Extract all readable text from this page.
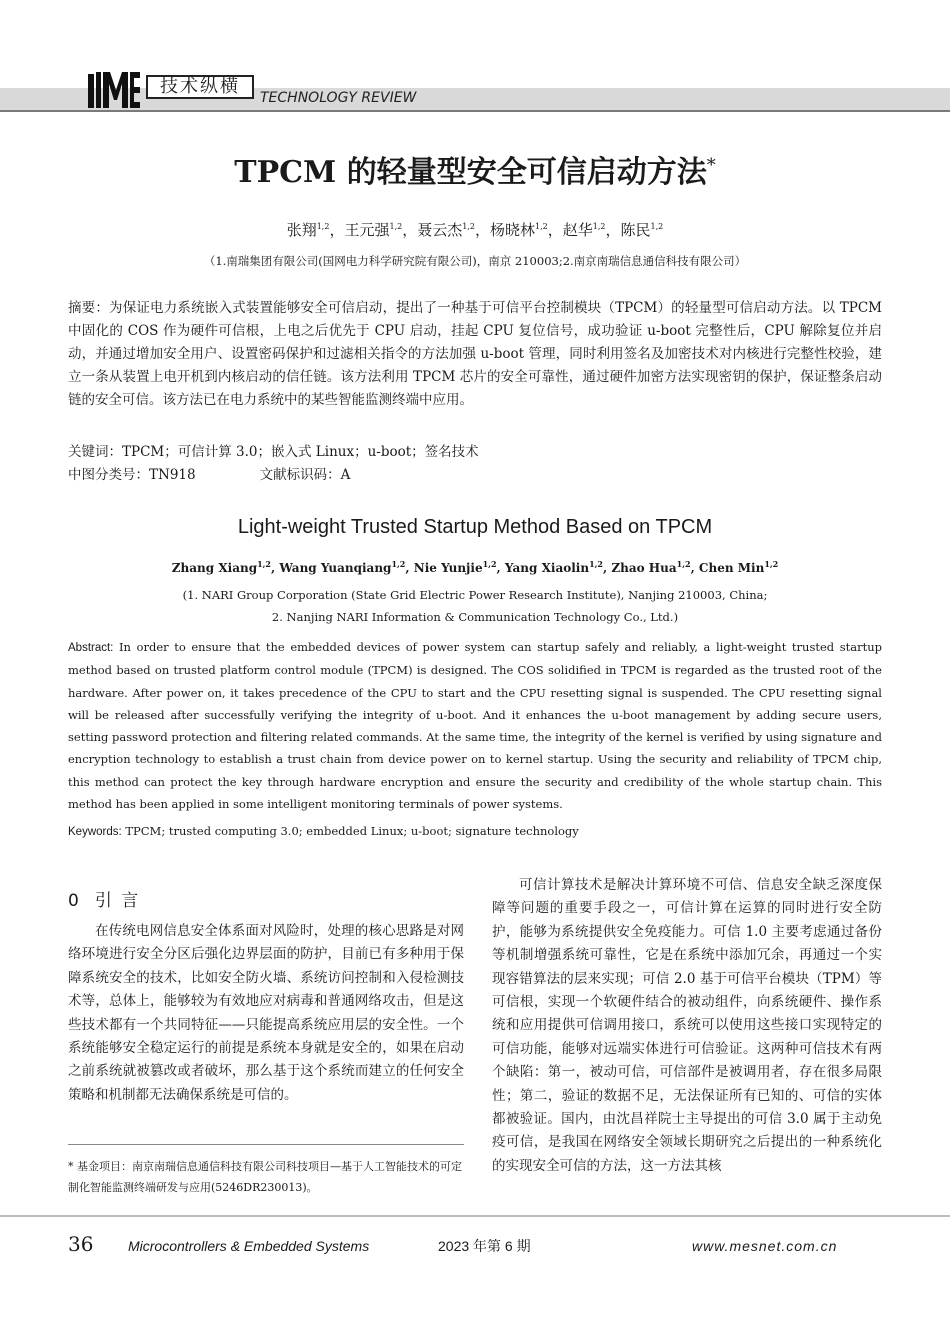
技术纵横
TECHNOLOGY REVIEW
TPCM 的轻量型安全可信启动方法*
张翔$^{1,2}$，王元强$^{1,2}$，聂云杰$^{1,2}$，杨晓林$^{1,2}$，赵华$^{1,2}$，陈民$^{1,2}$
（1.南瑞集团有限公司(国网电力科学研究院有限公司)，南京 210003;2.南京南瑞信息通信科技有限公司）
摘要：为保证电力系统嵌入式装置能够安全可信启动，提出了一种基于可信平台控制模块（TPCM）的轻量型可信启动方法。以 TPCM 中固化的 COS 作为硬件可信根，上电之后优先于 CPU 启动，挂起 CPU 复位信号，成功验证 u-boot 完整性后，CPU 解除复位并启动，并通过增加安全用户、设置密码保护和过滤相关指令的方法加强 u-boot 管理，同时利用签名及加密技术对内核进行完整性校验，建立一条从装置上电开机到内核启动的信任链。该方法利用 TPCM 芯片的安全可靠性，通过硬件加密方法实现密钥的保护，保证整条启动链的安全可信。该方法已在电力系统中的某些智能监测终端中应用。
关键词：TPCM；可信计算 3.0；嵌入式 Linux；u-boot；签名技术
中图分类号：TN918	文献标识码：A
Light-weight Trusted Startup Method Based on TPCM
Zhang Xiang$^{1,2}$, Wang Yuanqiang$^{1,2}$, Nie Yunjie$^{1,2}$, Yang Xiaolin$^{1,2}$, Zhao Hua$^{1,2}$, Chen Min$^{1,2}$
(1. NARI Group Corporation (State Grid Electric Power Research Institute), Nanjing 210003, China;
2. Nanjing NARI Information & Communication Technology Co., Ltd.)
Abstract: In order to ensure that the embedded devices of power system can startup safely and reliably, a light-weight trusted startup method based on trusted platform control module (TPCM) is designed. The COS solidified in TPCM is regarded as the trusted root of the hardware. After power on, it takes precedence of the CPU to start and the CPU resetting signal is suspended. The CPU resetting signal will be released after successfully verifying the integrity of u-boot. And it enhances the u-boot management by adding secure users, setting password protection and filtering related commands. At the same time, the integrity of the kernel is verified by using signature and encryption technology to establish a trust chain from device power on to kernel startup. Using the security and reliability of TPCM chip, this method can protect the key through hardware encryption and ensure the security and credibility of the whole startup chain. This method has been applied in some intelligent monitoring terminals of power systems.
Keywords: TPCM; trusted computing 3.0; embedded Linux; u-boot; signature technology
0 引 言
在传统电网信息安全体系面对风险时，处理的核心思路是对网络环境进行安全分区后强化边界层面的防护，目前已有多种用于保障系统安全的技术，比如安全防火墙、系统访问控制和入侵检测技术等，总体上，能够较为有效地应对病毒和普通网络攻击，但是这些技术都有一个共同特征——只能提高系统应用层的安全性。一个系统能够安全稳定运行的前提是系统本身就是安全的，如果在启动之前系统就被篡改或者破坏，那么基于这个系统而建立的任何安全策略和机制都无法确保系统是可信的。
* 基金项目：南京南瑞信息通信科技有限公司科技项目—基于人工智能技术的可定制化智能监测终端研发与应用(5246DR230013)。
可信计算技术是解决计算环境不可信、信息安全缺乏深度保障等问题的重要手段之一，可信计算在运算的同时进行安全防护，能够为系统提供安全免疫能力。可信 1.0 主要考虑通过备份等机制增强系统可靠性，它是在系统中添加冗余，再通过一个实现容错算法的层来实现；可信 2.0 基于可信平台模块（TPM）等可信根，实现一个软硬件结合的被动组件，向系统硬件、操作系统和应用提供可信调用接口，系统可以使用这些接口实现特定的可信功能，能够对远端实体进行可信验证。这两种可信技术有两个缺陷：第一，被动可信，可信部件是被调用者，存在很多局限性；第二，验证的数据不足，无法保证所有已知的、可信的实体都被验证。国内，由沈昌祥院士主导提出的可信 3.0 属于主动免疫可信，是我国在网络安全领域长期研究之后提出的一种系统化的实现安全可信的方法，这一方法其核
36 Microcontrollers & Embedded Systems	2023 年第 6 期	www.mesnet.com.cn
